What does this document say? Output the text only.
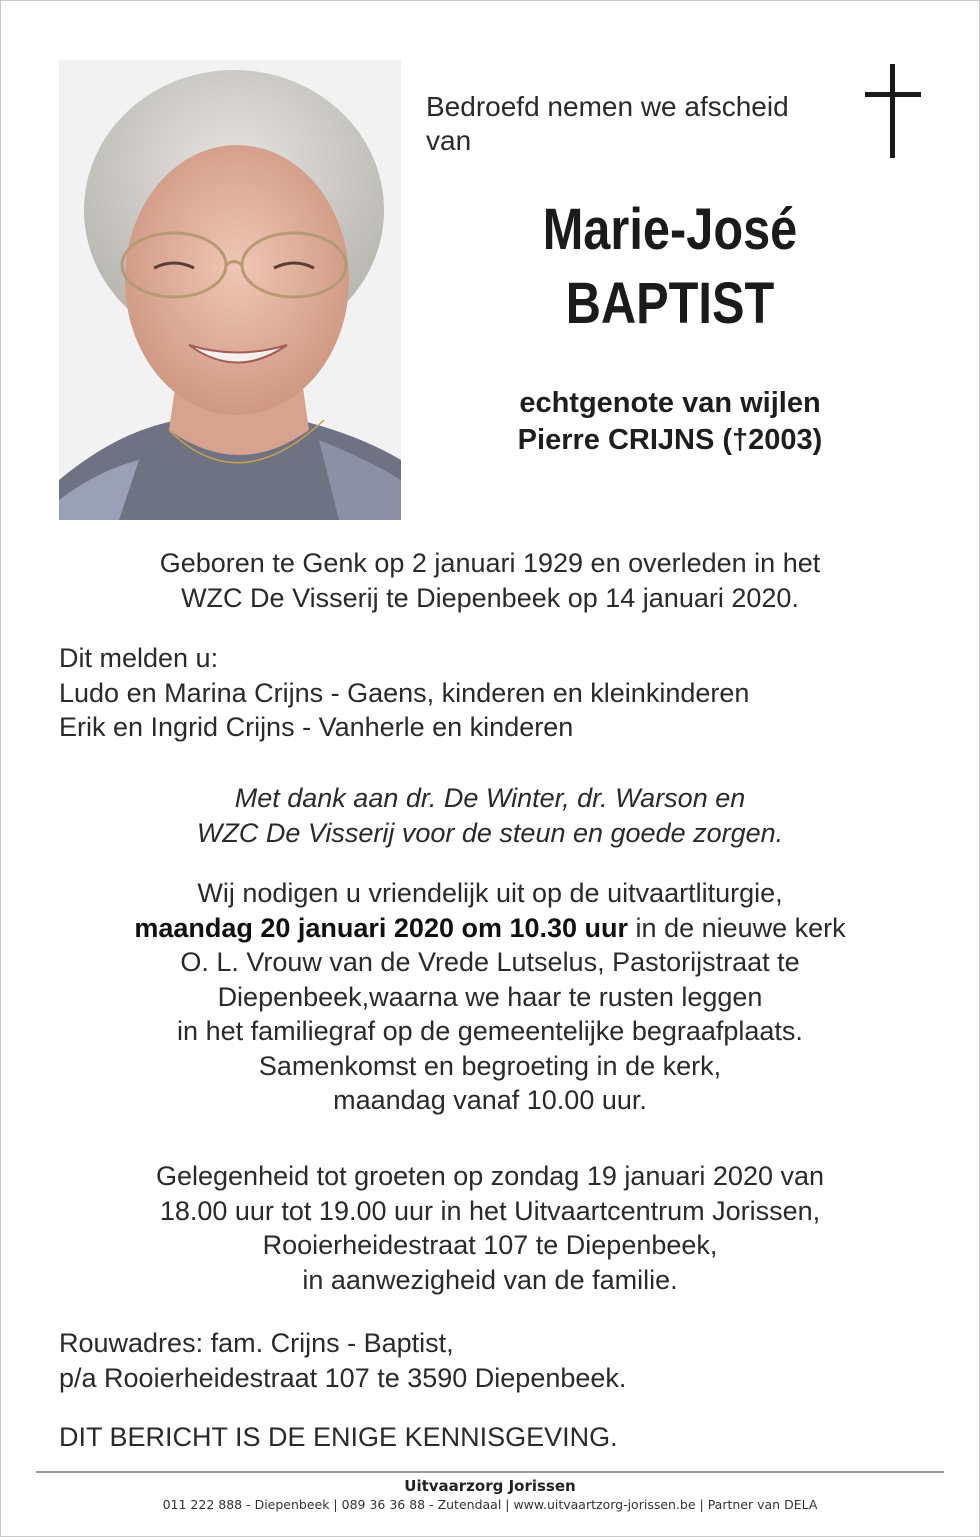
Bedroefd nemen we afscheid
van
Marie-José
BAPTIST
echtgenote van wijlen
Pierre CRIJNS (†2003)
Geboren te Genk op 2 januari 1929 en overleden in het
WZC De Visserij te Diepenbeek op 14 januari 2020.
Dit melden u:
Ludo en Marina Crijns - Gaens, kinderen en kleinkinderen
Erik en Ingrid Crijns - Vanherle en kinderen
Met dank aan dr. De Winter, dr. Warson en
WZC De Visserij voor de steun en goede zorgen.
Wij nodigen u vriendelijk uit op de uitvaartliturgie,
maandag 20 januari 2020 om 10.30 uur in de nieuwe kerk
O. L. Vrouw van de Vrede Lutselus, Pastorijstraat te
Diepenbeek,waarna we haar te rusten leggen
in het familiegraf op de gemeentelijke begraafplaats.
Samenkomst en begroeting in de kerk,
maandag vanaf 10.00 uur.
Gelegenheid tot groeten op zondag 19 januari 2020 van
18.00 uur tot 19.00 uur in het Uitvaartcentrum Jorissen,
Rooierheidestraat 107 te Diepenbeek,
in aanwezigheid van de familie.
Rouwadres: fam. Crijns - Baptist,
p/a Rooierheidestraat 107 te 3590 Diepenbeek.
DIT BERICHT IS DE ENIGE KENNISGEVING.
Uitvaarzorg Jorissen
011 222 888 - Diepenbeek | 089 36 36 88 - Zutendaal | www.uitvaartzorg-jorissen.be | Partner van DELA
